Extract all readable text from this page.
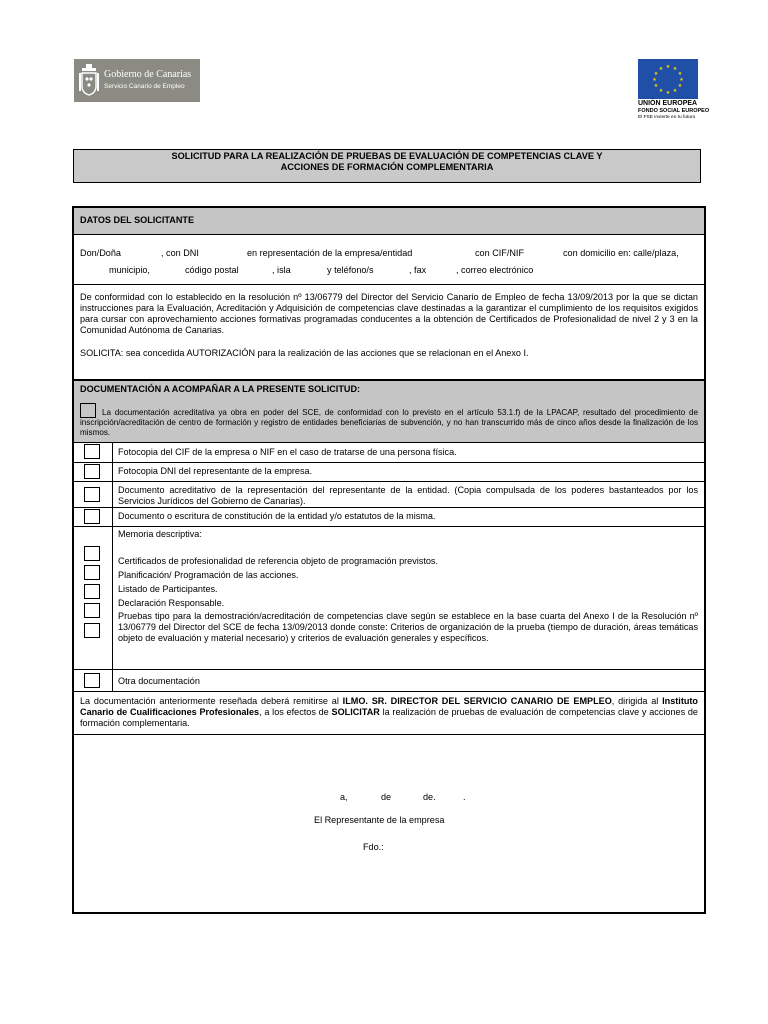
Gobierno de Canarias
Servicio Canario de Empleo
★ ★
★
★
★
★
★
★
★
★
★
★
UNIÓN EUROPEA
FONDO SOCIAL EUROPEO
El FSE invierte en tu futuro
SOLICITUD PARA LA REALIZACIÓN DE PRUEBAS DE EVALUACIÓN DE COMPETENCIAS CLAVE Y
ACCIONES DE FORMACIÓN COMPLEMENTARIA
DATOS DEL SOLICITANTE
Don/Doña	, con DNI	en representación de la empresa/entidad	con CIF/NIF	con domicilio en: calle/plaza,
municipio,	código postal	, isla	y teléfono/s	, fax	, correo electrónico
De conformidad con lo establecido en la resolución nº 13/06779 del Director del Servicio Canario de Empleo de fecha 13/09/2013 por la que se dictan instrucciones para la Evaluación, Acreditación y Adquisición de competencias clave destinadas a la garantizar el cumplimiento de los requisitos exigidos para cursar con aprovechamiento acciones formativas programadas conducentes a la obtención de Certificados de Profesionalidad de nivel 2 y 3 en la Comunidad Autónoma de Canarias.
SOLICITA: sea concedida AUTORIZACIÓN para la realización de las acciones que se relacionan en el Anexo I.
DOCUMENTACIÓN A ACOMPAÑAR A LA PRESENTE SOLICITUD:
La documentación acreditativa ya obra en poder del SCE, de conformidad con lo previsto en el artículo 53.1.f) de la LPACAP, resultado del procedimiento de inscripción/acreditación de centro de formación y registro de entidades beneficiarias de subvención, y no han transcurrido más de cinco años desde la finalización de los mismos.
Fotocopia del CIF de la empresa o NIF en el caso de tratarse de una persona física.
Fotocopia DNI del representante de la empresa.
Documento acreditativo de la representación del representante de la entidad. (Copia compulsada de los poderes bastanteados por los Servicios Jurídicos del Gobierno de Canarias).
Documento o escritura de constitución de la entidad y/o estatutos de la misma.
Memoria descriptiva:
Certificados de profesionalidad de referencia objeto de programación previstos.
Planificación/ Programación de las acciones.
Listado de Participantes.
Declaración Responsable.
Pruebas tipo para la demostración/acreditación de competencias clave según se establece en la base cuarta del Anexo I de la Resolución nº 13/06779 del Director del SCE de fecha 13/09/2013 donde conste: Criterios de organización de la prueba (tiempo de duración, áreas temáticas objeto de evaluación y material necesario) y criterios de evaluación generales y específicos.
Otra documentación
La documentación anteriormente reseñada deberá remitirse al ILMO. SR. DIRECTOR DEL SERVICIO CANARIO DE EMPLEO, dirigida al Instituto Canario de Cualificaciones Profesionales, a los efectos de SOLICITAR la realización de pruebas de evaluación de competencias clave y acciones de formación complementaria.
a,	de	de.	.
El Representante de la empresa
Fdo.:
